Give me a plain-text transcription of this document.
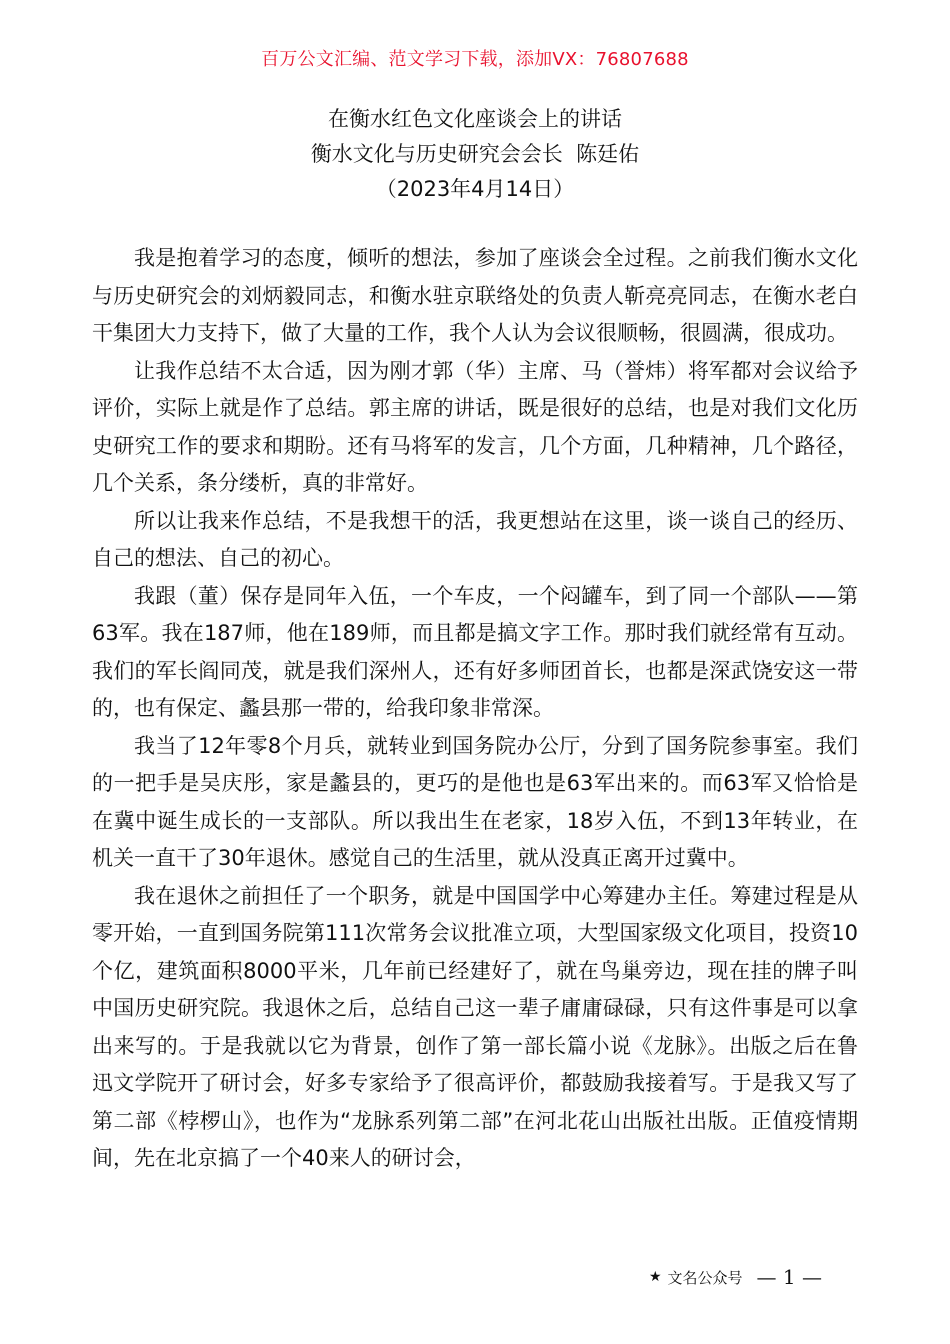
百万公文汇编、范文学习下载，添加VX：76807688
在衡水红色文化座谈会上的讲话
衡水文化与历史研究会会长  陈廷佑
（2023年4月14日）

我是抱着学习的态度，倾听的想法，参加了座谈会全过程。之前我们衡水文化与历史研究会的刘炳毅同志，和衡水驻京联络处的负责人靳亮亮同志，在衡水老白干集团大力支持下，做了大量的工作，我个人认为会议很顺畅，很圆满，很成功。

让我作总结不太合适，因为刚才郭（华）主席、马（誉炜）将军都对会议给予评价，实际上就是作了总结。郭主席的讲话，既是很好的总结，也是对我们文化历史研究工作的要求和期盼。还有马将军的发言，几个方面，几种精神，几个路径，几个关系，条分缕析，真的非常好。

所以让我来作总结，不是我想干的活，我更想站在这里，谈一谈自己的经历、自己的想法、自己的初心。

我跟（董）保存是同年入伍，一个车皮，一个闷罐车，到了同一个部队——第63军。我在187师，他在189师，而且都是搞文字工作。那时我们就经常有互动。我们的军长阎同茂，就是我们深州人，还有好多师团首长，也都是深武饶安这一带的，也有保定、蠡县那一带的，给我印象非常深。

我当了12年零8个月兵，就转业到国务院办公厅，分到了国务院参事室。我们的一把手是吴庆彤，家是蠡县的，更巧的是他也是63军出来的。而63军又恰恰是在冀中诞生成长的一支部队。所以我出生在老家，18岁入伍，不到13年转业，在机关一直干了30年退休。感觉自己的生活里，就从没真正离开过冀中。

我在退休之前担任了一个职务，就是中国国学中心筹建办主任。筹建过程是从零开始，一直到国务院第111次常务会议批准立项，大型国家级文化项目，投资10个亿，建筑面积8000平米，几年前已经建好了，就在鸟巢旁边，现在挂的牌子叫中国历史研究院。我退休之后，总结自己这一辈子庸庸碌碌，只有这件事是可以拿出来写的。于是我就以它为背景，创作了第一部长篇小说《龙脉》。出版之后在鲁迅文学院开了研讨会，好多专家给予了很高评价，都鼓励我接着写。于是我又写了第二部《桲椤山》，也作为“龙脉系列第二部”在河北花山出版社出版。正值疫情期间，先在北京搞了一个40来人的研讨会，

★ 文名公众号 — 1 —
